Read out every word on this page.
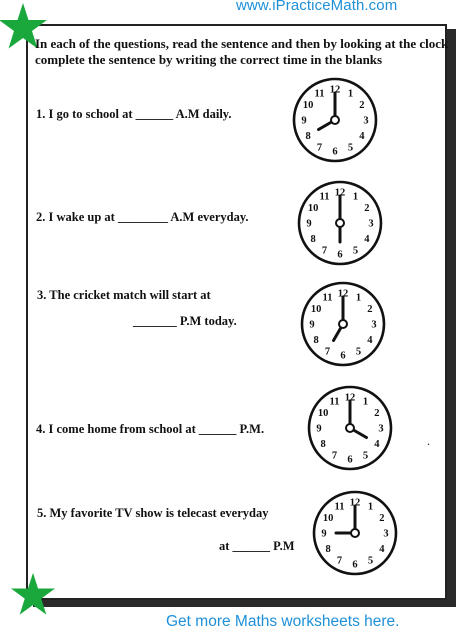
www.iPracticeMath.com
In each of the questions, read the sentence and then by looking at the clock complete the sentence by writing the correct time in the blanks
1. I go to school at ______ A.M daily.
12 1
2
3
4
5
6
7
8
9
10
11
2. I wake up at ________ A.M everyday.
12 1
2
3
4
5
6
7
8
9
10
11
3. The cricket match will start at
_______ P.M today.
12 1
2
3
4
5
6
7
8
9
10
11
4. I come home from school at ______ P.M.
12 1
2
3
4
5
6
7
8
9
10
11
.
5. My favorite TV show is telecast everyday
at ______ P.M
12 1
2
3
4
5
6
7
8
9
10
11
Get more Maths worksheets here.
